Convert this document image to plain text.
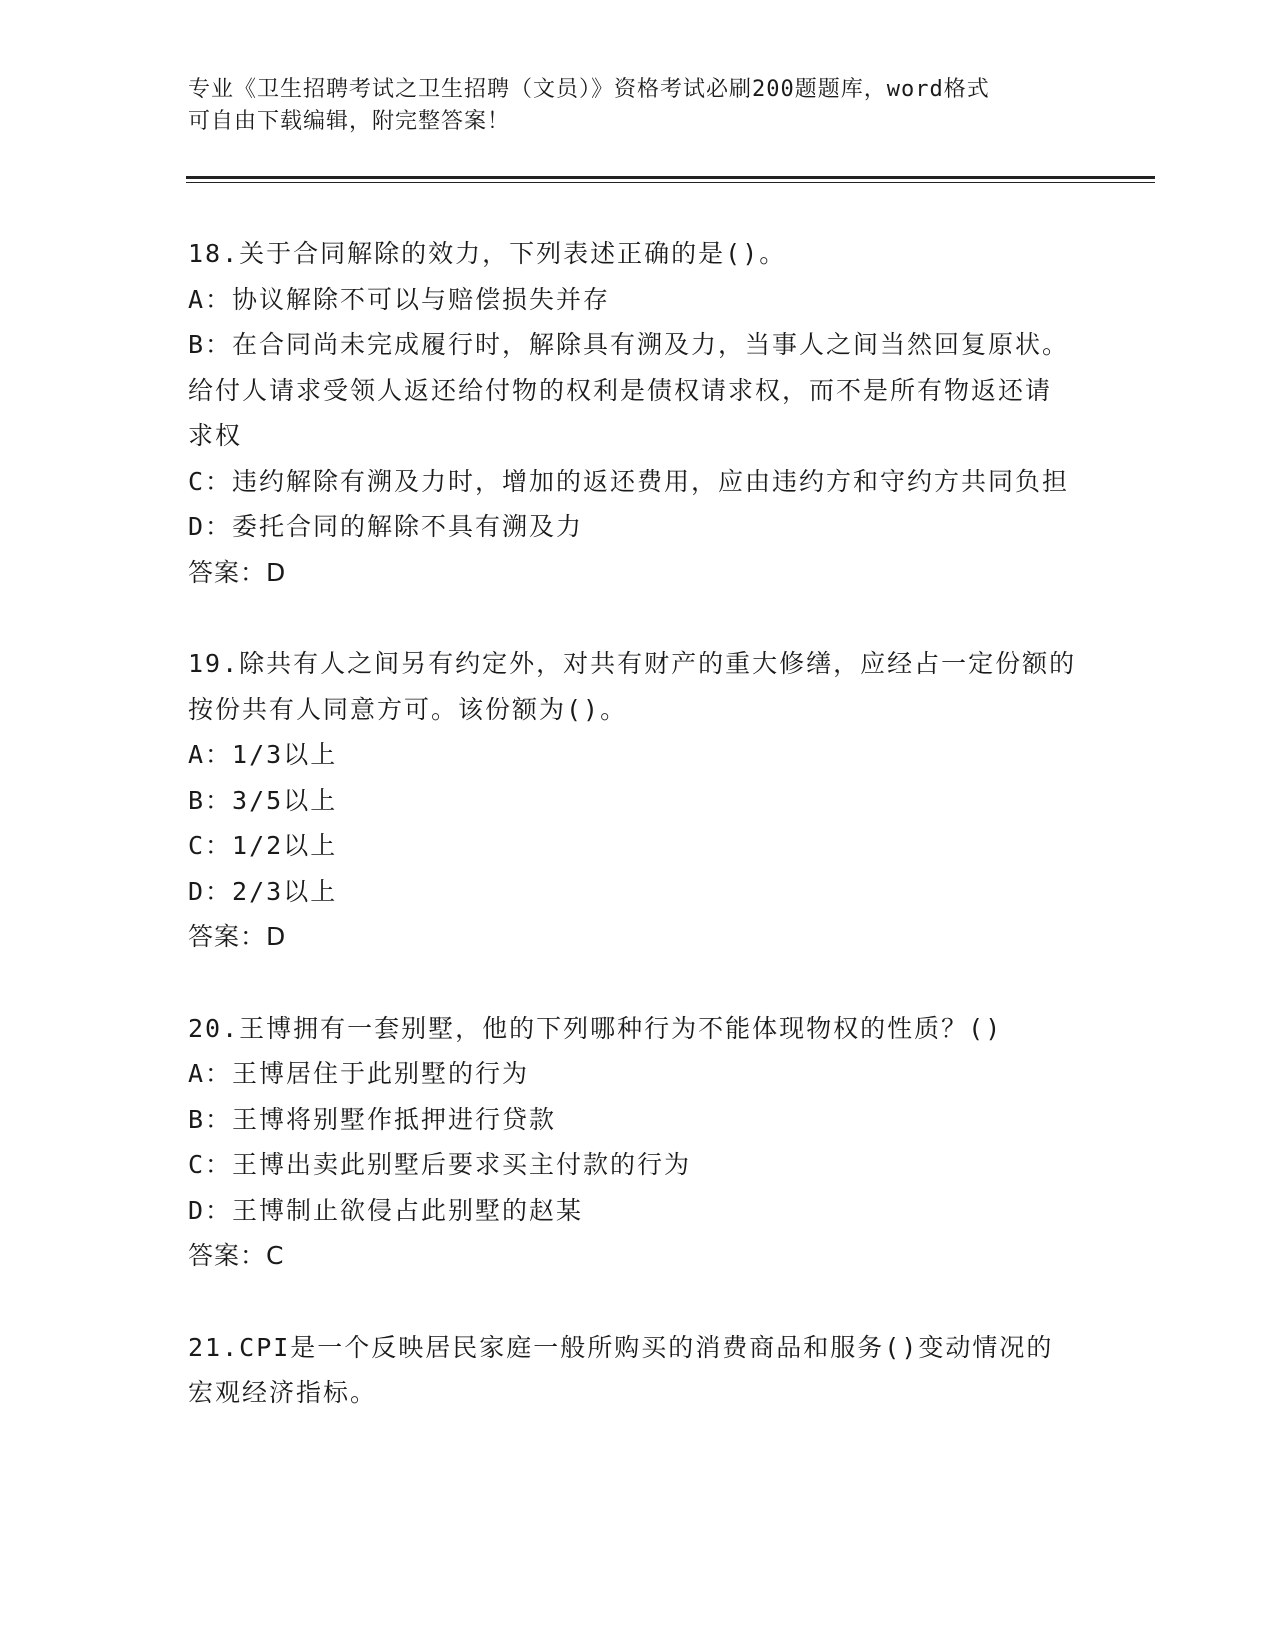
专业《卫生招聘考试之卫生招聘（文员）》资格考试必刷200题题库，word格式
可自由下载编辑，附完整答案！
18.关于合同解除的效力，下列表述正确的是()。
A：协议解除不可以与赔偿损失并存
B：在合同尚未完成履行时，解除具有溯及力，当事人之间当然回复原状。给付人请求受领人返还给付物的权利是债权请求权，而不是所有物返还请求权
C：违约解除有溯及力时，增加的返还费用，应由违约方和守约方共同负担
D：委托合同的解除不具有溯及力
答案：D
19.除共有人之间另有约定外，对共有财产的重大修缮，应经占一定份额的按份共有人同意方可。该份额为()。
A：1/3以上
B：3/5以上
C：1/2以上
D：2/3以上
答案：D
20.王博拥有一套别墅，他的下列哪种行为不能体现物权的性质？()
A：王博居住于此别墅的行为
B：王博将别墅作抵押进行贷款
C：王博出卖此别墅后要求买主付款的行为
D：王博制止欲侵占此别墅的赵某
答案：C
21.CPI是一个反映居民家庭一般所购买的消费商品和服务()变动情况的宏观经济指标。
